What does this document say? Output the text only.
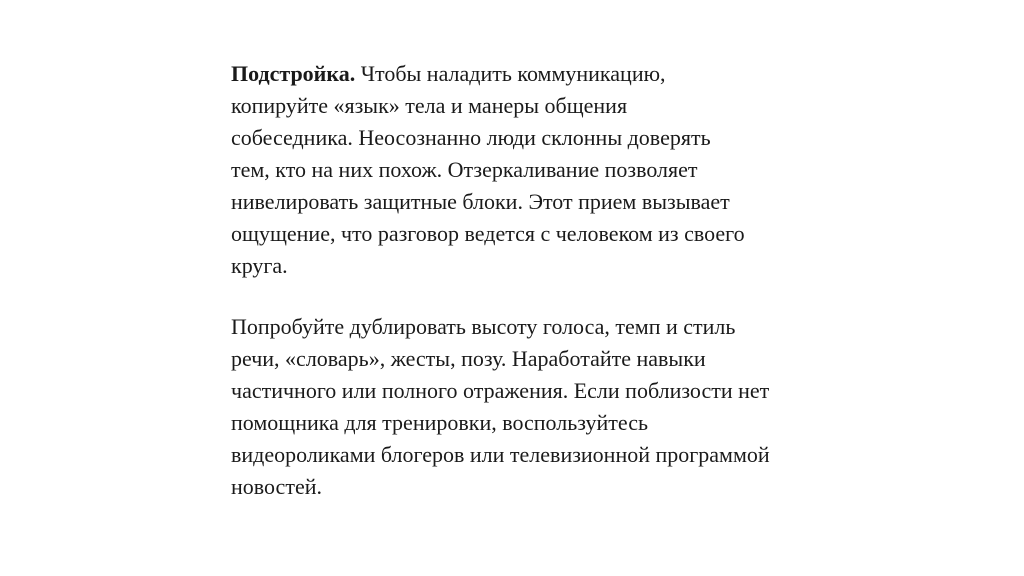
Подстройка. Чтобы наладить коммуникацию,
копируйте «язык» тела и манеры общения
собеседника. Неосознанно люди склонны доверять
тем, кто на них похож. Отзеркаливание позволяет
нивелировать защитные блоки. Этот прием вызывает
ощущение, что разговор ведется с человеком из своего
круга.

Попробуйте дублировать высоту голоса, темп и стиль
речи, «словарь», жесты, позу. Наработайте навыки
частичного или полного отражения. Если поблизости нет
помощника для тренировки, воспользуйтесь
видеороликами блогеров или телевизионной программой
новостей.
